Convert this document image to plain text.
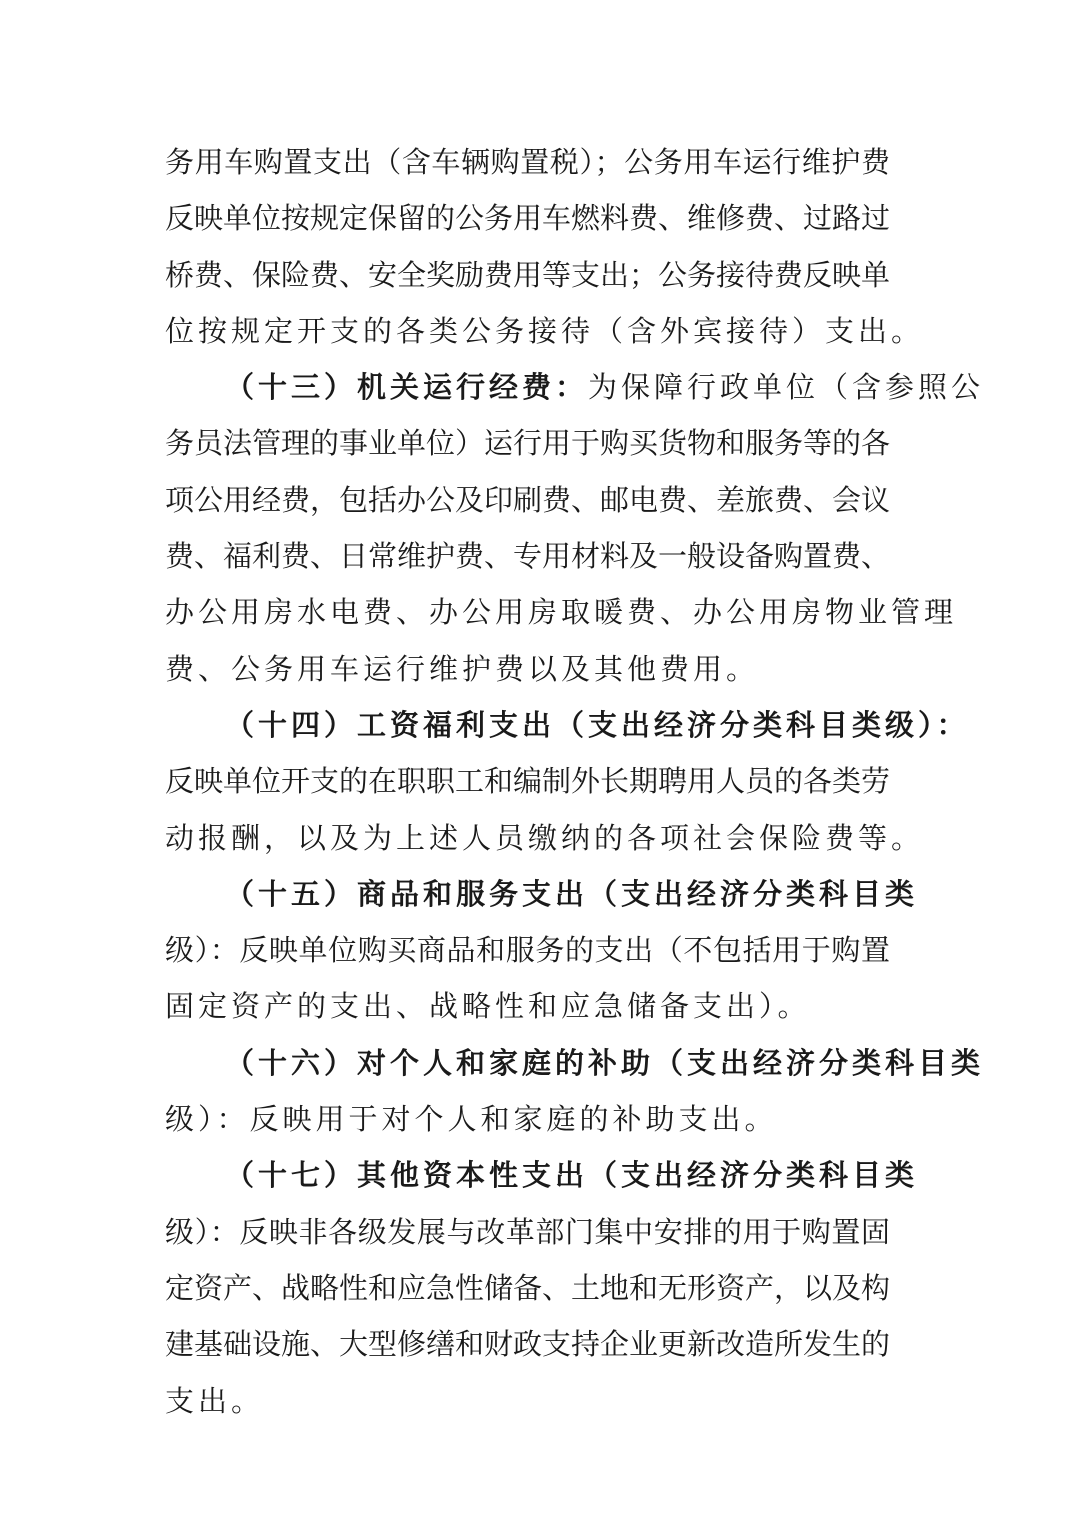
务用车购置支出（含车辆购置税）；公务用车运行维护费
反映单位按规定保留的公务用车燃料费、维修费、过路过
桥费、保险费、安全奖励费用等支出；公务接待费反映单
位按规定开支的各类公务接待（含外宾接待）支出。
（十三）机关运行经费：为保障行政单位（含参照公
务员法管理的事业单位）运行用于购买货物和服务等的各
项公用经费，包括办公及印刷费、邮电费、差旅费、会议
费、福利费、日常维护费、专用材料及一般设备购置费、
办公用房水电费、办公用房取暖费、办公用房物业管理
费、公务用车运行维护费以及其他费用。
（十四）工资福利支出（支出经济分类科目类级）：
反映单位开支的在职职工和编制外长期聘用人员的各类劳
动报酬，以及为上述人员缴纳的各项社会保险费等。
（十五）商品和服务支出（支出经济分类科目类
级）：反映单位购买商品和服务的支出（不包括用于购置
固定资产的支出、战略性和应急储备支出）。
（十六）对个人和家庭的补助（支出经济分类科目类
级）：反映用于对个人和家庭的补助支出。
（十七）其他资本性支出（支出经济分类科目类
级）：反映非各级发展与改革部门集中安排的用于购置固
定资产、战略性和应急性储备、土地和无形资产，以及构
建基础设施、大型修缮和财政支持企业更新改造所发生的
支出。
